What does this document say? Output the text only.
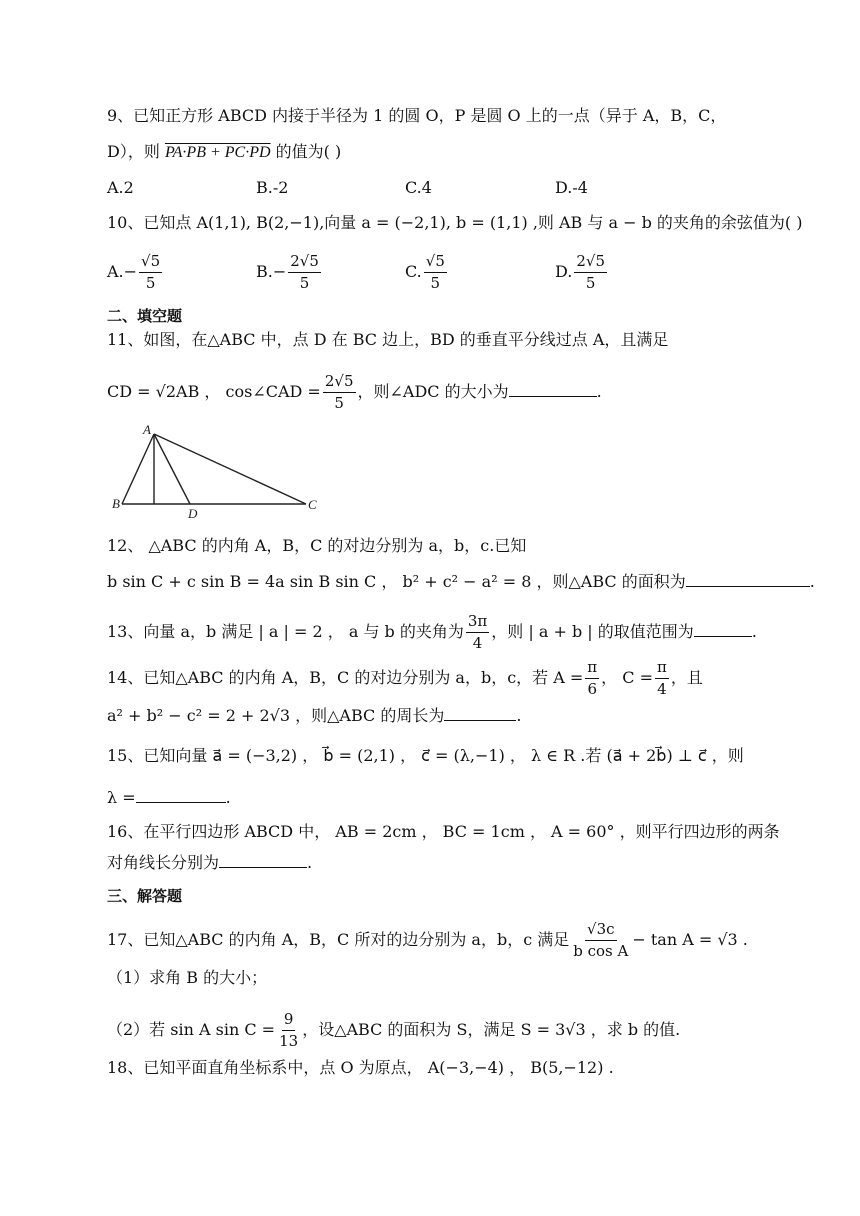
9、已知正方形 ABCD 内接于半径为 1 的圆 O，P 是圆 O 上的一点（异于 A，B，C，
D），则 PA·PB + PC·PD 的值为( )
A.2	B.-2	C.4	D.-4
10、已知点 A(1,1), B(2,−1),向量 a = (−2,1), b = (1,1) ,则 AB 与 a − b 的夹角的余弦值为( )
$A.- \frac{√5}{5}$	$B.- \frac{2√5}{5}$	C. $\frac{√5}{5}$	D. $\frac{2√5}{5}$
二、填空题
11、如图，在△ABC 中，点 D 在 BC 边上，BD 的垂直平分线过点 A，且满足
CD = √2AB ， cos∠CAD = $\frac{2√5}{5}$ ，则∠ADC 的大小为	.
A
B	C
D
12、 △ABC 的内角 A，B，C 的对边分别为 a，b，c.已知
b sin C + c sin B = 4a sin B sin C ， b² + c² − a² = 8 ，则△ABC 的面积为	.
13、向量 a，b 满足 | a | = 2 ， a 与 b 的夹角为 $\frac{3\pi}{4}$ ，则 | a + b | 的取值范围为	.
14、已知△ABC 的内角 A，B，C 的对边分别为 a，b，c，若 $A = \frac{\pi}{6}$ ， $C = \frac{\pi}{4}$ ，且
a² + b² − c² = 2 + 2√3 ，则△ABC 的周长为	.
15、已知向量 a⃗ = (−3,2) ， b⃗ = (2,1) ， c⃗ = (λ,−1) ， λ ∈ R .若 (a⃗ + 2b⃗) ⊥ c⃗ ，则
λ =	.
16、在平行四边形 ABCD 中， AB = 2cm ， BC = 1cm ， A = 60° ，则平行四边形的两条
对角线长分别为	.
三、解答题
17、已知△ABC 的内角 A，B，C 所对的边分别为 a，b，c 满足 $\frac{√3c}{\text{b cos A}} - \tan A = √3$ .
（1）求角 B 的大小；
（2）若 sin A $\sin C = \frac{9}{13}$ ，设△ABC 的面积为 S，满足 S = 3√3 ，求 b 的值.
18、已知平面直角坐标系中，点 O 为原点， A(−3,−4) ， B(5,−12) .
